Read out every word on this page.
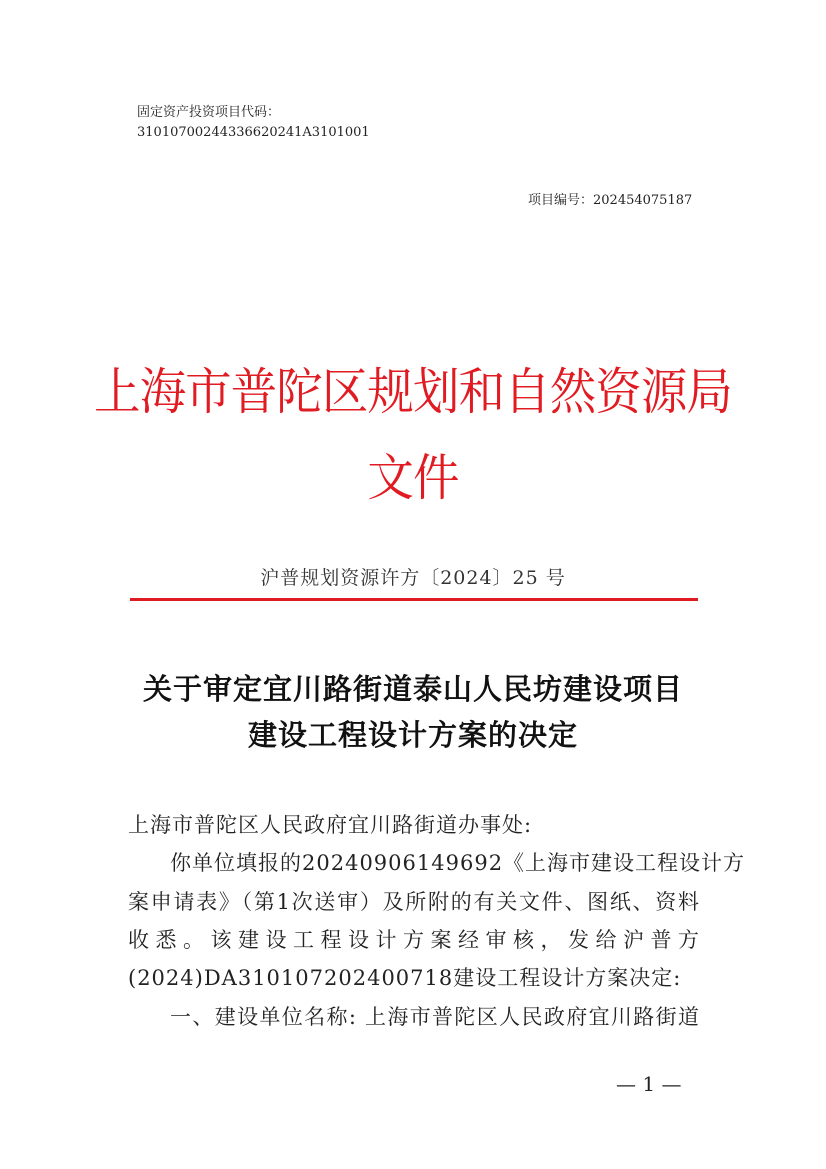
固定资产投资项目代码：
31010700244336620241A3101001
项目编号：202454075187
上海市普陀区规划和自然资源局
文件
沪普规划资源许方〔2024〕25 号
关于审定宜川路街道泰山人民坊建设项目
建设工程设计方案的决定
上海市普陀区人民政府宜川路街道办事处:
你单位填报的20240906149692《上海市建设工程设计方
案申请表》（第1次送审）及所附的有关文件、图纸、资料
收悉。该建设工程设计方案经审核，发给沪普方
(2024)DA310107202400718建设工程设计方案决定:
一、建设单位名称: 上海市普陀区人民政府宜川路街道
— 1 —
